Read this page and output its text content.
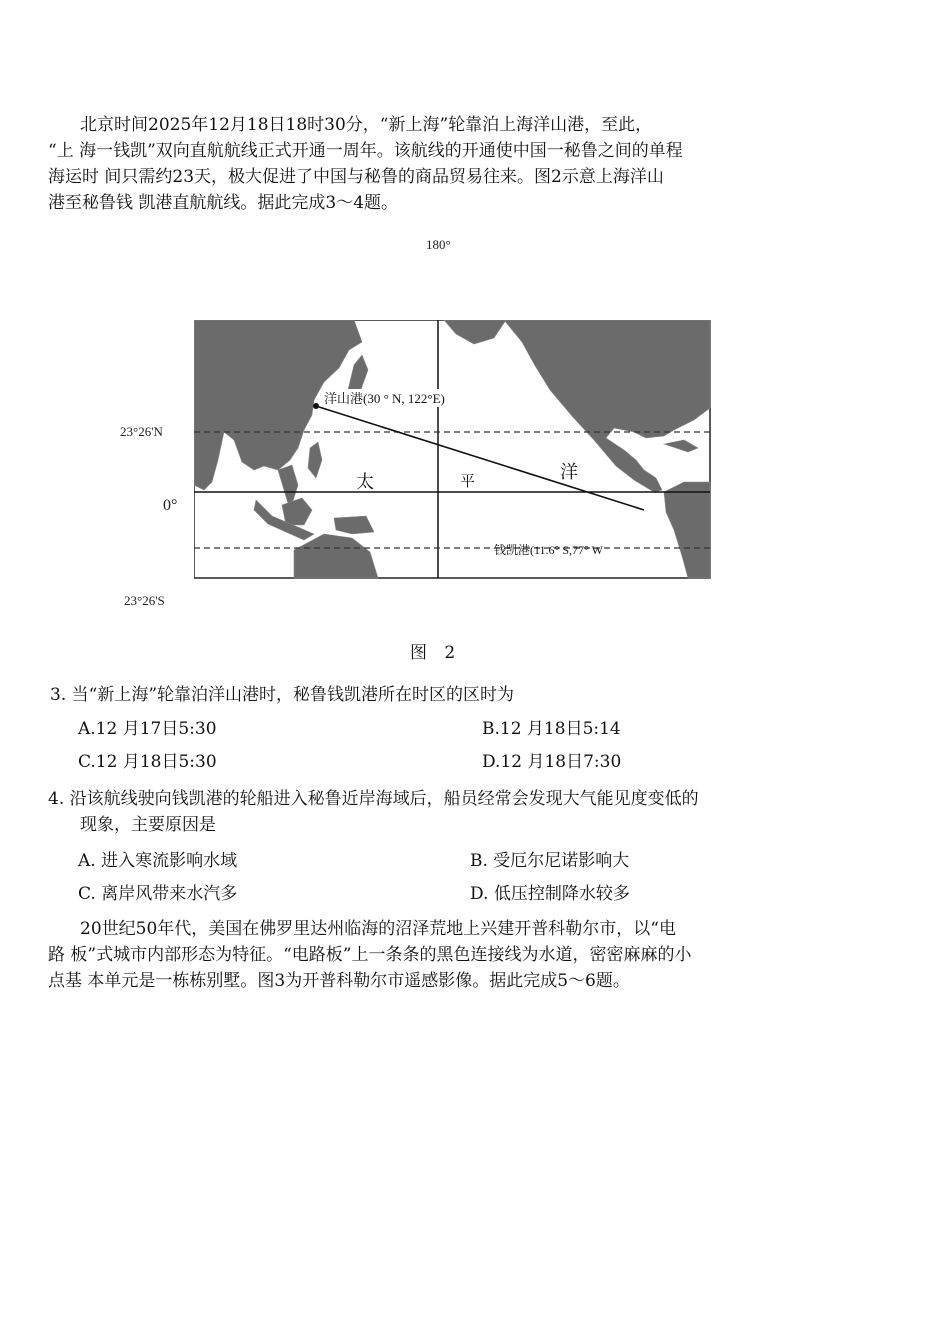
北京时间2025年12月18日18时30分，“新上海”轮靠泊上海洋山港，至此，
“上 海一钱凯”双向直航航线正式开通一周年。该航线的开通使中国一秘鲁之间的单程
海运时 间只需约23天，极大促进了中国与秘鲁的商品贸易往来。图2示意上海洋山
港至秘鲁钱 凯港直航航线。据此完成3～4题。
180°
23°26'N
0°
23°26'S
洋山港(30 ° N, 122°E)
太	平	洋
钱凯港(11.6° S,77° W
图 2
3. 当“新上海”轮靠泊洋山港时，秘鲁钱凯港所在时区的区时为
A.12 月17日5:30	B.12 月18日5:14
C.12 月18日5:30	D.12 月18日7:30
4. 沿该航线驶向钱凯港的轮船进入秘鲁近岸海域后，船员经常会发现大气能见度变低的
现象，主要原因是
A. 进入寒流影响水域	B. 受厄尔尼诺影响大
C. 离岸风带来水汽多	D. 低压控制降水较多
20世纪50年代，美国在佛罗里达州临海的沼泽荒地上兴建开普科勒尔市，以“电
路 板”式城市内部形态为特征。“电路板”上一条条的黑色连接线为水道，密密麻麻的小
点基 本单元是一栋栋别墅。图3为开普科勒尔市遥感影像。据此完成5～6题。
